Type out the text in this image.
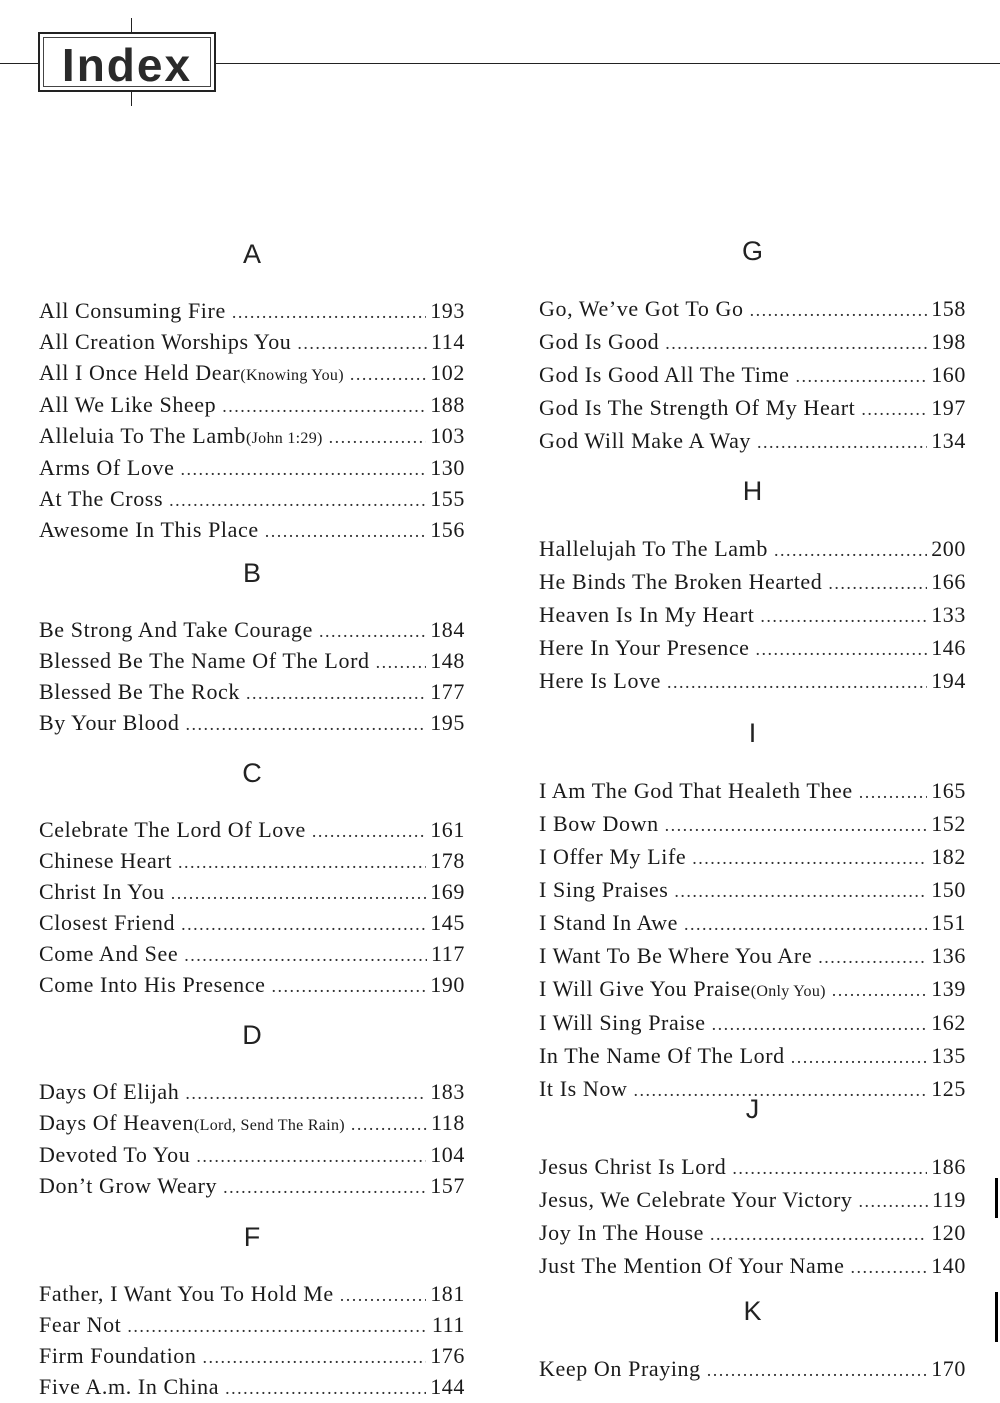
Index
A
All Consuming Fire .....	193
All Creation Worships You .....	114
All I Once Held Dear(Knowing You) .....	102
All We Like Sheep .....	188
Alleluia To The Lamb(John 1:29) .....	103
Arms Of Love .....	130
At The Cross .....	155
Awesome In This Place .....	156
B
Be Strong And Take Courage .....	184
Blessed Be The Name Of The Lord .....	148
Blessed Be The Rock .....	177
By Your Blood .....	195
C
Celebrate The Lord Of Love .....	161
Chinese Heart .....	178
Christ In You .....	169
Closest Friend .....	145
Come And See .....	117
Come Into His Presence .....	190
D
Days Of Elijah .....	183
Days Of Heaven(Lord, Send The Rain) .....	118
Devoted To You .....	104
Don’t Grow Weary .....	157
F
Father, I Want You To Hold Me .....	181
Fear Not .....	111
Firm Foundation .....	176
Five A.m. In China .....	144
G
Go, We’ve Got To Go .....	158
God Is Good .....	198
God Is Good All The Time .....	160
God Is The Strength Of My Heart .....	197
God Will Make A Way .....	134
H
Hallelujah To The Lamb .....	200
He Binds The Broken Hearted .....	166
Heaven Is In My Heart .....	133
Here In Your Presence .....	146
Here Is Love .....	194
I
I Am The God That Healeth Thee .....	165
I Bow Down .....	152
I Offer My Life .....	182
I Sing Praises .....	150
I Stand In Awe .....	151
I Want To Be Where You Are .....	136
I Will Give You Praise(Only You) .....	139
I Will Sing Praise .....	162
In The Name Of The Lord .....	135
It Is Now .....	125
J
Jesus Christ Is Lord .....	186
Jesus, We Celebrate Your Victory .....	119
Joy In The House .....	120
Just The Mention Of Your Name .....	140
K
Keep On Praying .....	170
